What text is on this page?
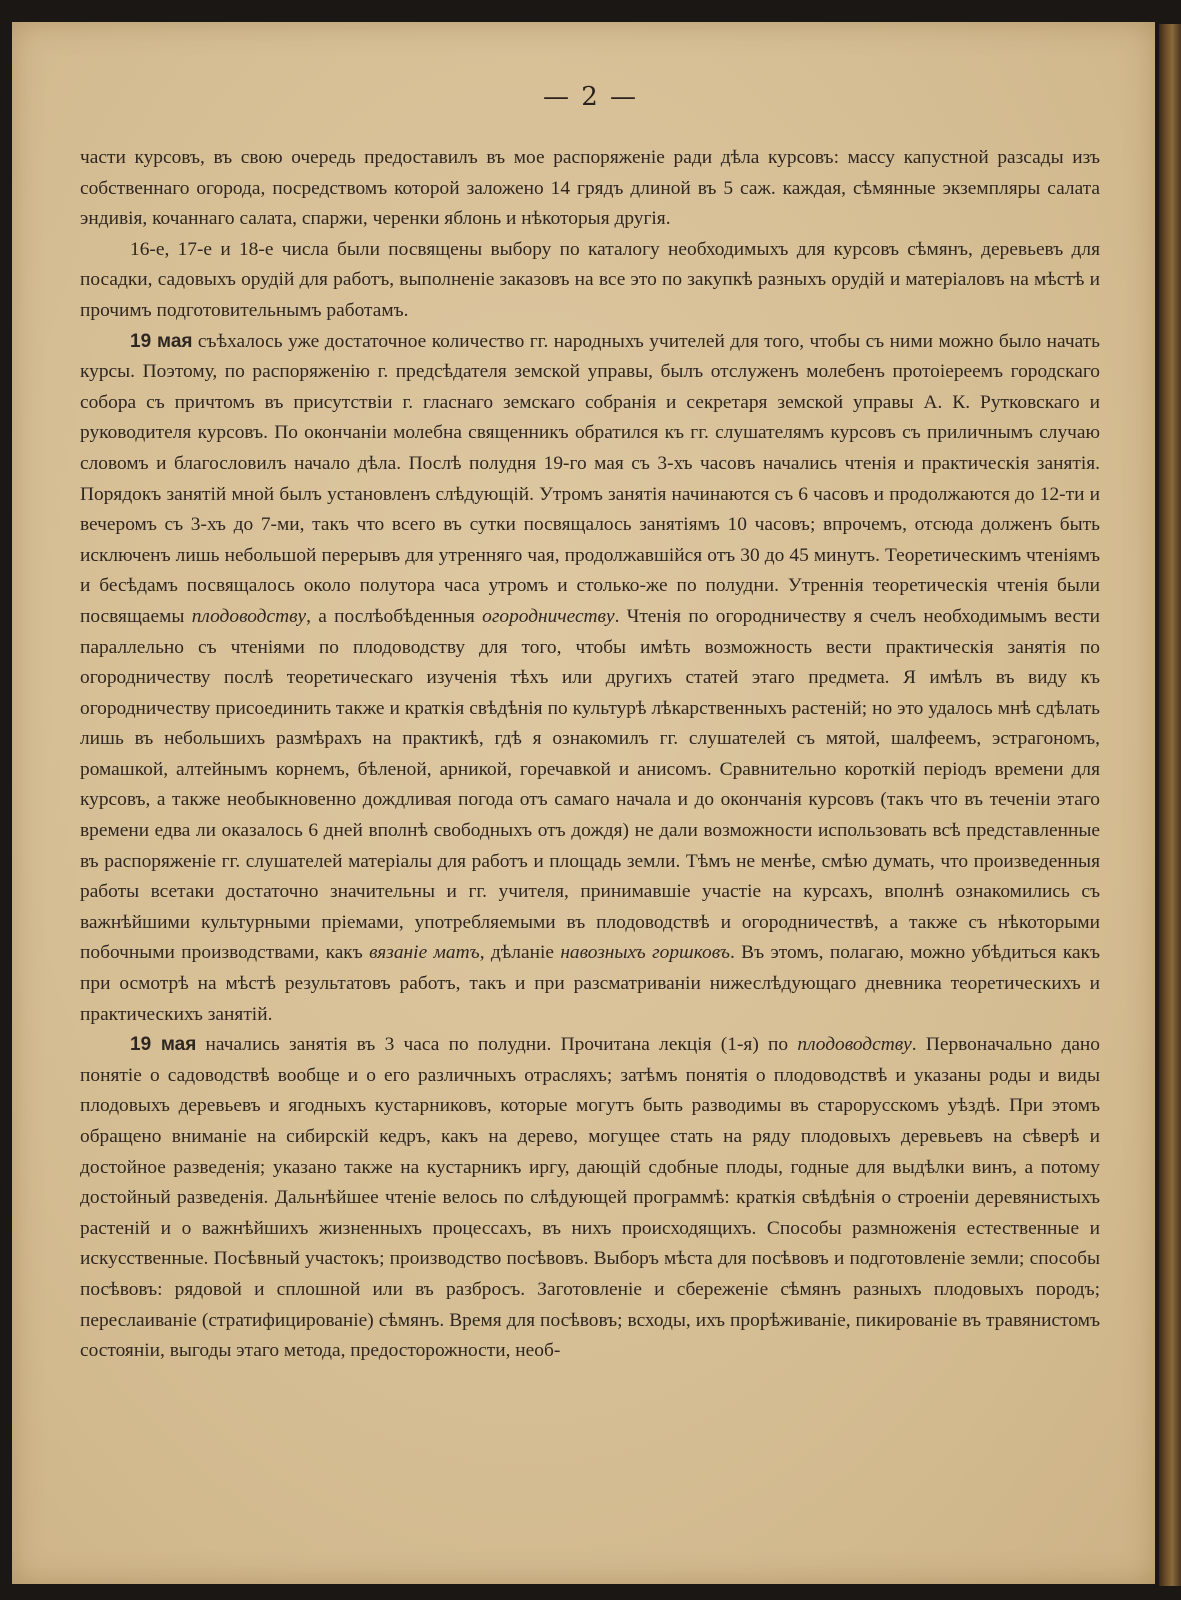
— 2 —

части курсовъ, въ свою очередь предоставилъ въ мое распоряженіе ради дѣла курсовъ: массу капустной разсады изъ собственнаго огорода, посредствомъ которой заложено 14 грядъ длиной въ 5 саж. каждая, сѣмянные экземпляры салата эндивія, кочаннаго салата, спаржи, черенки яблонь и нѣкоторыя другія.

16-е, 17-е и 18-е числа были посвящены выбору по каталогу необходимыхъ для курсовъ сѣмянъ, деревьевъ для посадки, садовыхъ орудій для работъ, выполненіе заказовъ на все это по закупкѣ разныхъ орудій и матеріаловъ на мѣстѣ и прочимъ подготовительнымъ работамъ.

19 мая съѣхалось уже достаточное количество гг. народныхъ учителей для того, чтобы съ ними можно было начать курсы. Поэтому, по распоряженію г. предсѣдателя земской управы, былъ отслуженъ молебенъ протоіереемъ городскаго собора съ причтомъ въ присутствіи г. гласнаго земскаго собранія и секретаря земской управы А. К. Рутковскаго и руководителя курсовъ. По окончаніи молебна священникъ обратился къ гг. слушателямъ курсовъ съ приличнымъ случаю словомъ и благословилъ начало дѣла. Послѣ полудня 19-го мая съ 3-хъ часовъ начались чтенія и практическія занятія. Порядокъ занятій мной былъ установленъ слѣдующій. Утромъ занятія начинаются съ 6 часовъ и продолжаются до 12-ти и вечеромъ съ 3-хъ до 7-ми, такъ что всего въ сутки посвящалось занятіямъ 10 часовъ; впрочемъ, отсюда долженъ быть исключенъ лишь небольшой перерывъ для утренняго чая, продолжавшійся отъ 30 до 45 минутъ. Теоретическимъ чтеніямъ и бесѣдамъ посвящалось около полутора часа утромъ и столько-же по полудни. Утреннія теоретическія чтенія были посвящаемы плодоводству, а послѣобѣденныя огородничеству. Чтенія по огородничеству я счелъ необходимымъ вести параллельно съ чтеніями по плодоводству для того, чтобы имѣть возможность вести практическія занятія по огородничеству послѣ теоретическаго изученія тѣхъ или другихъ статей этаго предмета. Я имѣлъ въ виду къ огородничеству присоединить также и краткія свѣдѣнія по культурѣ лѣкарственныхъ растеній; но это удалось мнѣ сдѣлать лишь въ небольшихъ размѣрахъ на практикѣ, гдѣ я ознакомилъ гг. слушателей съ мятой, шалфеемъ, эстрагономъ, ромашкой, алтейнымъ корнемъ, бѣленой, арникой, горечавкой и анисомъ. Сравнительно короткій періодъ времени для курсовъ, а также необыкновенно дождливая погода отъ самаго начала и до окончанія курсовъ (такъ что въ теченіи этаго времени едва ли оказалось 6 дней вполнѣ свободныхъ отъ дождя) не дали возможности использовать всѣ представленные въ распоряженіе гг. слушателей матеріалы для работъ и площадь земли. Тѣмъ не менѣе, смѣю думать, что произведенныя работы всетаки достаточно значительны и гг. учителя, принимавшіе участіе на курсахъ, вполнѣ ознакомились съ важнѣйшими культурными пріемами, употребляемыми въ плодоводствѣ и огородничествѣ, а также съ нѣкоторыми побочными производствами, какъ вязаніе матъ, дѣланіе навозныхъ горшковъ. Въ этомъ, полагаю, можно убѣдиться какъ при осмотрѣ на мѣстѣ результатовъ работъ, такъ и при разсматриваніи нижеслѣдующаго дневника теоретическихъ и практическихъ занятій.

19 мая начались занятія въ 3 часа по полудни. Прочитана лекція (1-я) по плодоводству. Первоначально дано понятіе о садоводствѣ вообще и о его различныхъ отрасляхъ; затѣмъ понятія о плодоводствѣ и указаны роды и виды плодовыхъ деревьевъ и ягодныхъ кустарниковъ, которые могутъ быть разводимы въ старорусскомъ уѣздѣ. При этомъ обращено вниманіе на сибирскій кедръ, какъ на дерево, могущее стать на ряду плодовыхъ деревьевъ на сѣверѣ и достойное разведенія; указано также на кустарникъ иргу, дающій сдобные плоды, годные для выдѣлки винъ, а потому достойный разведенія. Дальнѣйшее чтеніе велось по слѣдующей программѣ: краткія свѣдѣнія о строеніи деревянистыхъ растеній и о важнѣйшихъ жизненныхъ процессахъ, въ нихъ происходящихъ. Способы размноженія естественные и искусственные. Посѣвный участокъ; производство посѣвовъ. Выборъ мѣста для посѣвовъ и подготовленіе земли; способы посѣвовъ: рядовой и сплошной или въ разбросъ. Заготовленіе и сбереженіе сѣмянъ разныхъ плодовыхъ породъ; переслаиваніе (стратифицированіе) сѣмянъ. Время для посѣвовъ; всходы, ихъ прорѣживаніе, пикированіе въ травянистомъ состояніи, выгоды этаго метода, предосторожности, необ-
